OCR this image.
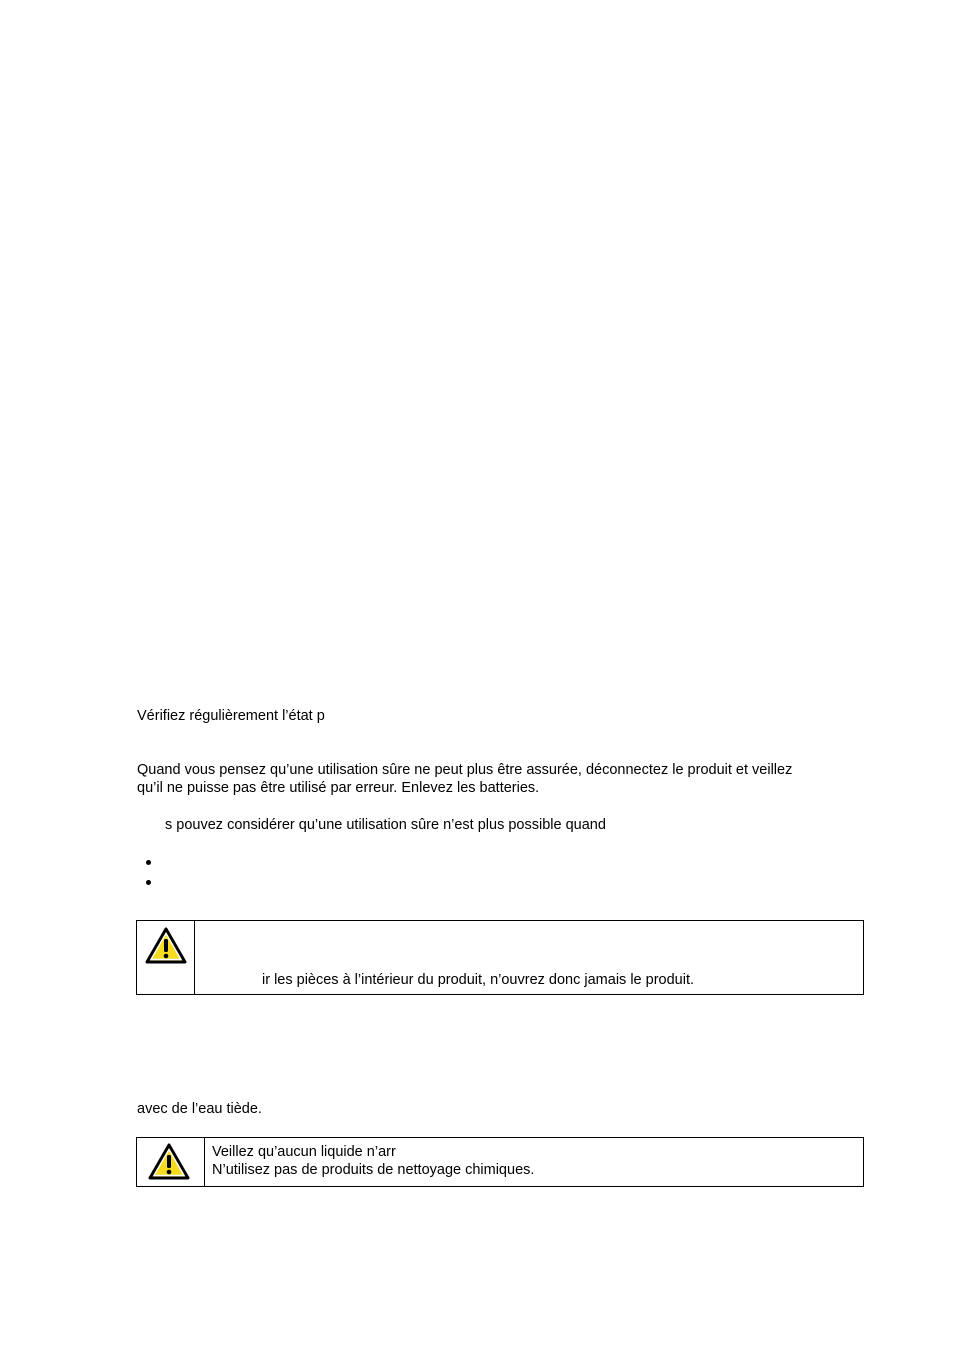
Vérifiez régulièrement l’état p
Quand vous pensez qu’une utilisation sûre ne peut plus être assurée, déconnectez le produit et veillez
qu’il ne puisse pas être utilisé par erreur. Enlevez les batteries.
s pouvez considérer qu’une utilisation sûre n’est plus possible quand
ir les pièces à l’intérieur du produit, n’ouvrez donc jamais le produit.
avec de l’eau tiède.
Veillez qu’aucun liquide n’arr
N’utilisez pas de produits de nettoyage chimiques.
